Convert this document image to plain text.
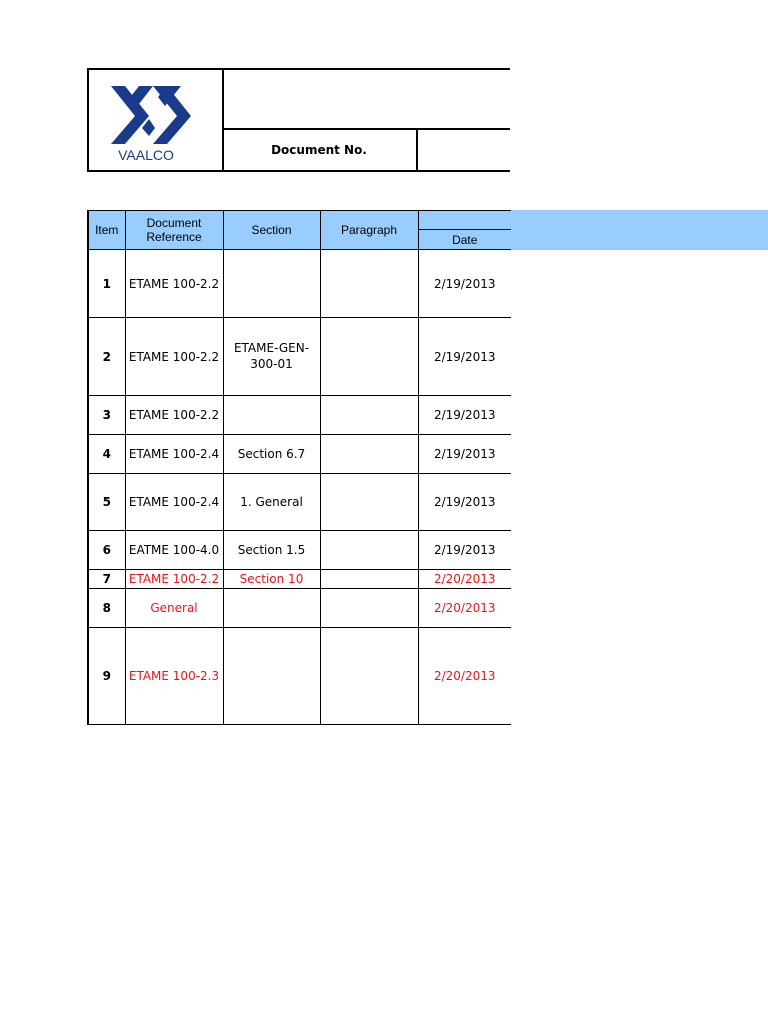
VAALCO	Document No.
Item	Document Reference	Section	Paragraph	
				Date
1	ETAME 100-2.2			2/19/2013
2	ETAME 100-2.2	ETAME-GEN-300-01		2/19/2013
3	ETAME 100-2.2			2/19/2013
4	ETAME 100-2.4	Section 6.7		2/19/2013
5	ETAME 100-2.4	1. General		2/19/2013
6	EATME 100-4.0	Section 1.5		2/19/2013
7	ETAME 100-2.2	Section 10		2/20/2013
8	General			2/20/2013
9	ETAME 100-2.3			2/20/2013
